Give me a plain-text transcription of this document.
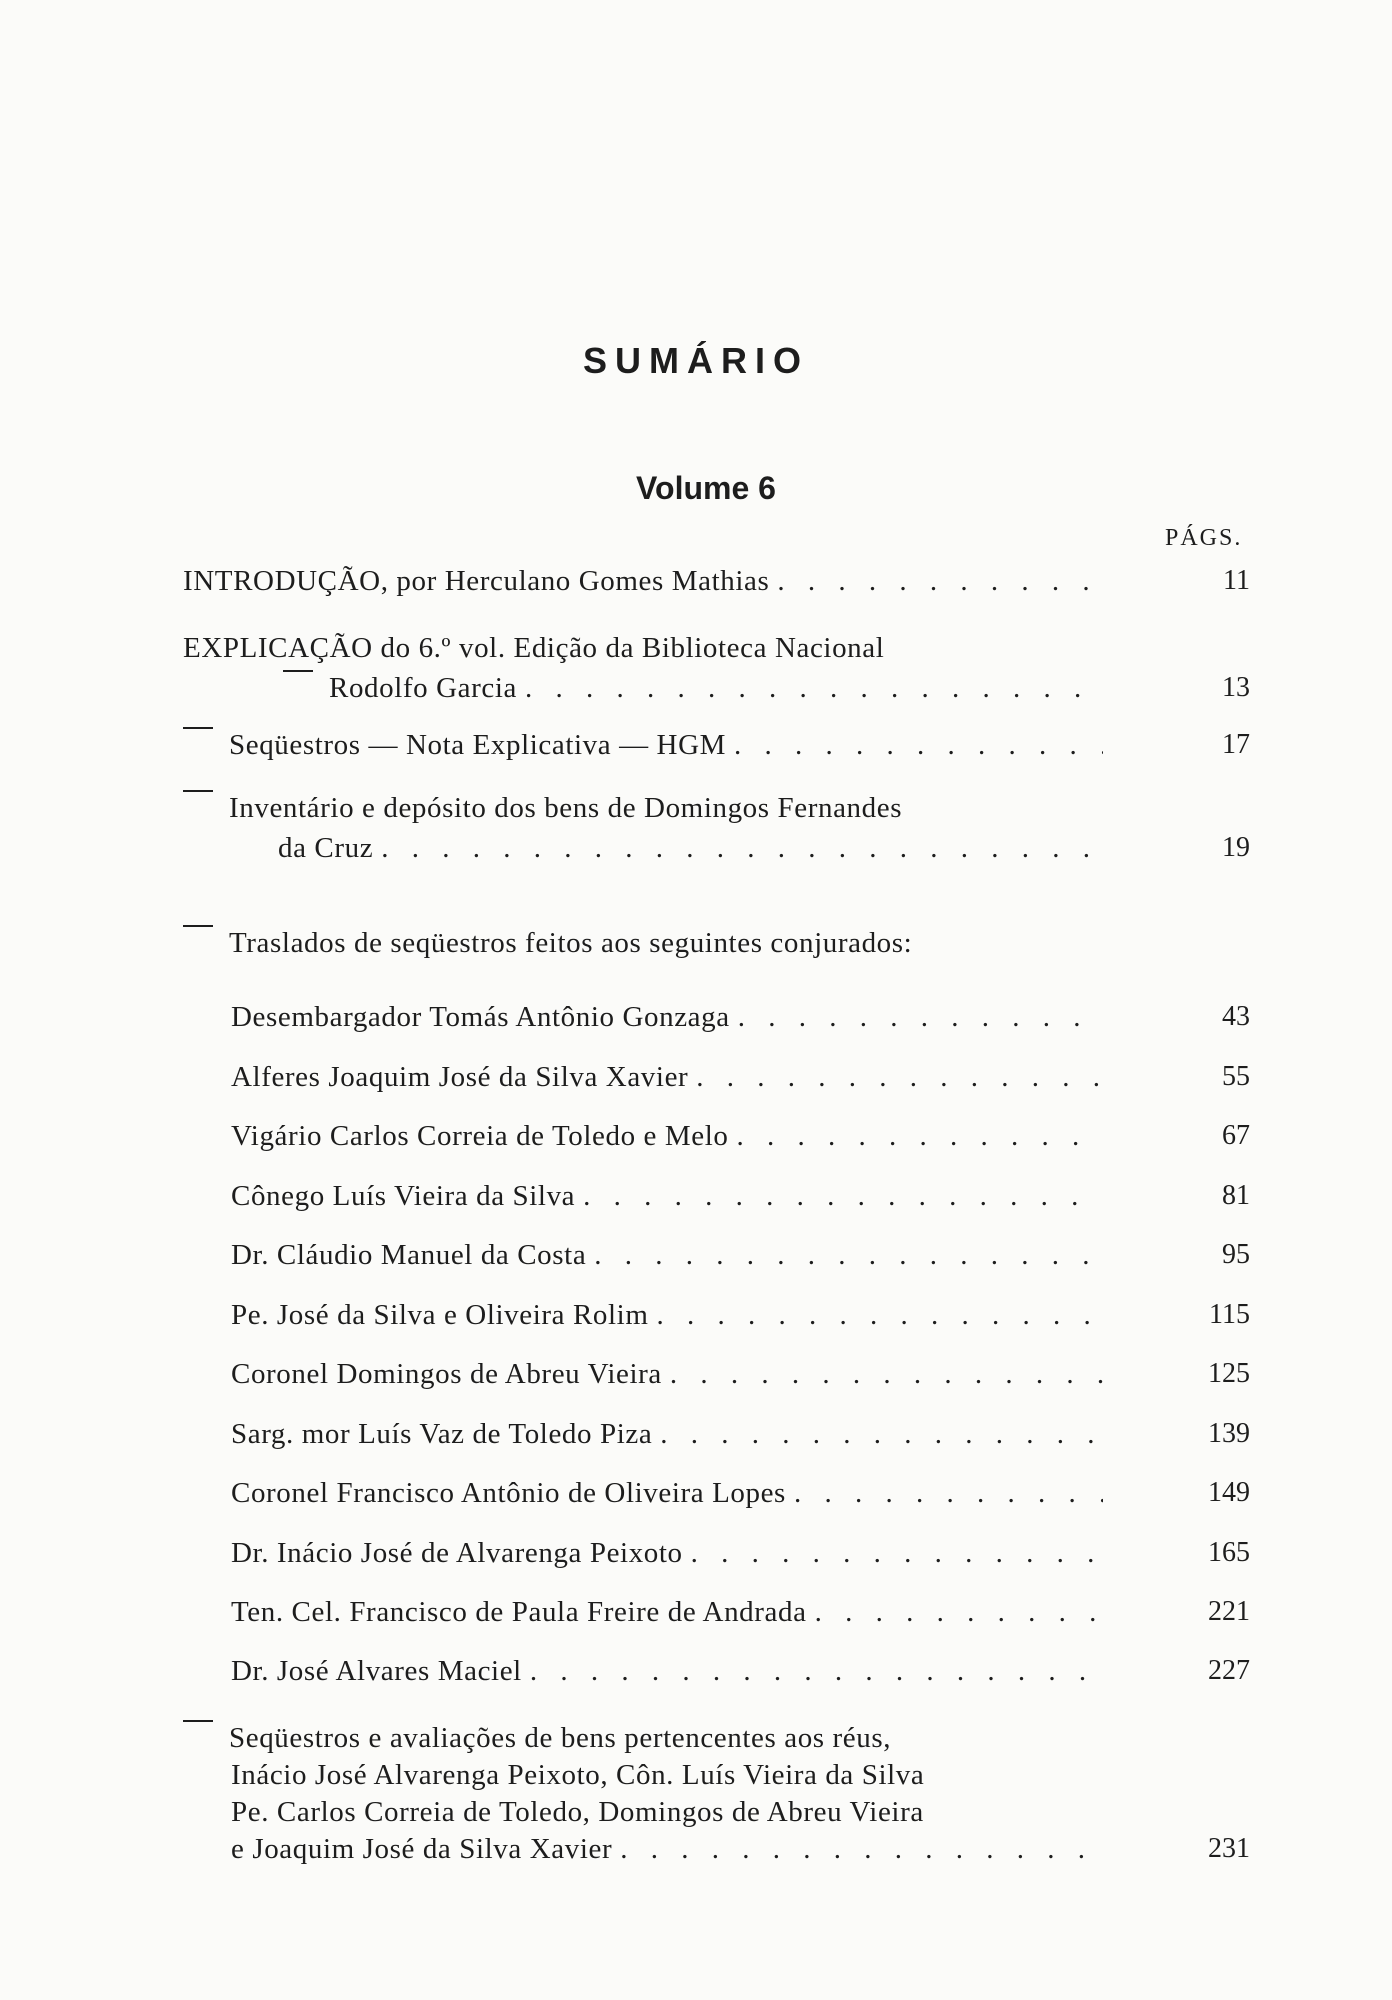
SUMÁRIO
Volume 6
PÁGS.
INTRODUÇÃO, por Herculano Gomes Mathias . . .	11
EXPLICAÇÃO do 6.º vol. Edição da Biblioteca Nacional
Rodolfo Garcia . . .	13
Seqüestros — Nota Explicativa — HGM . . .	17
Inventário e depósito dos bens de Domingos Fernandes
da Cruz . . .	19
Traslados de seqüestros feitos aos seguintes conjurados:
Desembargador Tomás Antônio Gonzaga . . .	43
Alferes Joaquim José da Silva Xavier . . .	55
Vigário Carlos Correia de Toledo e Melo . . .	67
Cônego Luís Vieira da Silva . . .	81
Dr. Cláudio Manuel da Costa . . .	95
Pe. José da Silva e Oliveira Rolim . . .	115
Coronel Domingos de Abreu Vieira . . .	125
Sarg. mor Luís Vaz de Toledo Piza . . .	139
Coronel Francisco Antônio de Oliveira Lopes . . .	149
Dr. Inácio José de Alvarenga Peixoto . . .	165
Ten. Cel. Francisco de Paula Freire de Andrada . . .	221
Dr. José Alvares Maciel . . .	227
Seqüestros e avaliações de bens pertencentes aos réus,
Inácio José Alvarenga Peixoto, Côn. Luís Vieira da Silva
Pe. Carlos Correia de Toledo, Domingos de Abreu Vieira
e Joaquim José da Silva Xavier . . .	231
